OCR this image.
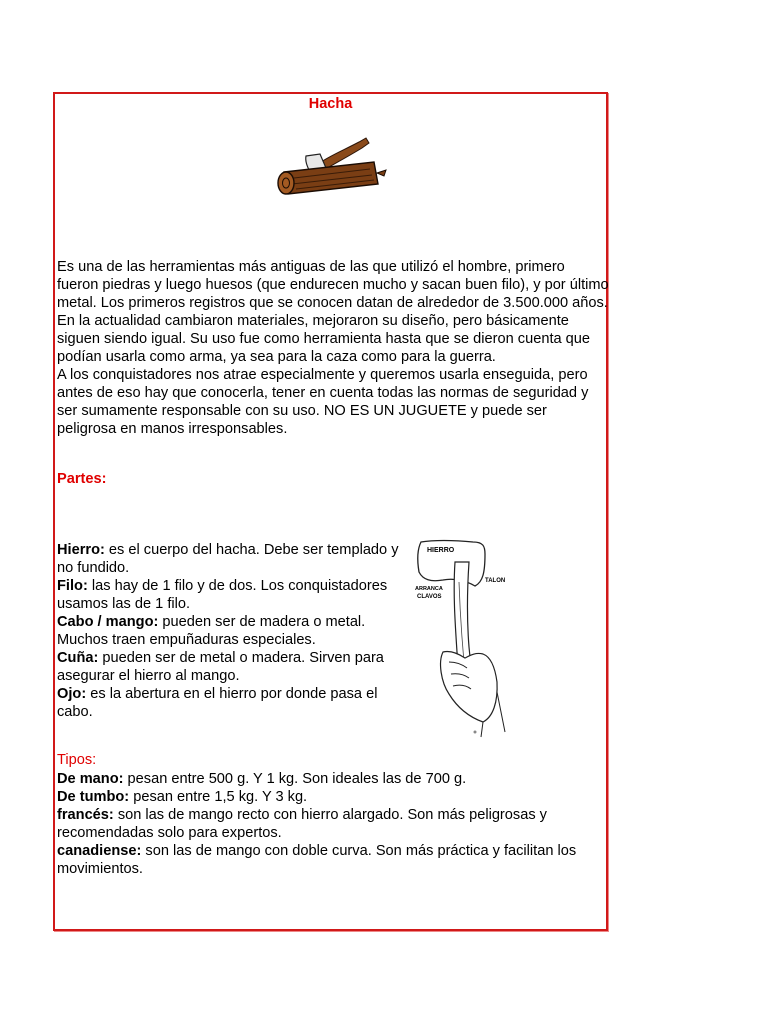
Hacha

Es una de las herramientas más antiguas de las que utilizó el hombre, primero fueron piedras y luego huesos (que endurecen mucho y sacan buen filo), y por último metal. Los primeros registros que se conocen datan de alrededor de 3.500.000 años. En la actualidad cambiaron materiales, mejoraron su diseño, pero básicamente siguen siendo igual. Su uso fue como herramienta hasta que se dieron cuenta que podían usarla como arma, ya sea para la caza como para la guerra.

A los conquistadores nos atrae especialmente y queremos usarla enseguida, pero antes de eso hay que conocerla, tener en cuenta todas las normas de seguridad y ser sumamente responsable con su uso. NO ES UN JUGUETE y puede ser peligrosa en manos irresponsables.

Partes:
Hierro: es el cuerpo del hacha. Debe ser templado y no fundido.
Filo: las hay de 1 filo y de dos. Los conquistadores usamos las de 1 filo.
Cabo / mango: pueden ser de madera o metal. Muchos traen empuñaduras especiales.
Cuña: pueden ser de metal o madera. Sirven para asegurar el hierro al mango.
Ojo: es la abertura en el hierro por donde pasa el cabo.
HIERRO
TALON
ARRANCA
CLAVOS
Tipos:
De mano: pesan entre 500 g. Y 1 kg. Son ideales las de 700 g.
De tumbo: pesan entre 1,5 kg. Y 3 kg.
francés: son las de mango recto con hierro alargado. Son más peligrosas y recomendadas solo para expertos.
canadiense: son las de mango con doble curva. Son más práctica y facilitan los movimientos.
